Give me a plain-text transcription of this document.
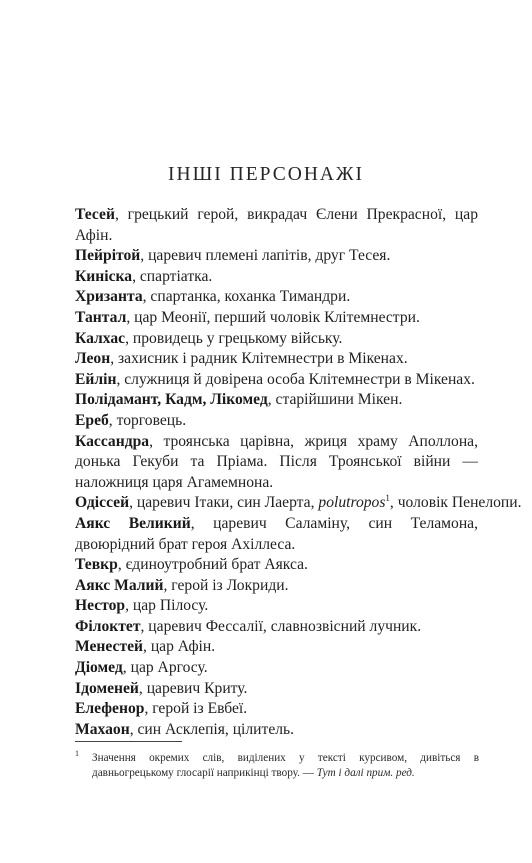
ІНШІ ПЕРСОНАЖІ
Тесей, грецький герой, викрадач Єлени Прекрасної, цар Афін.
Пейрітой, царевич племені лапітів, друг Тесея.
Киніска, спартіатка.
Хризанта, спартанка, коханка Тимандри.
Тантал, цар Меонії, перший чоловік Клітемнестри.
Калхас, провидець у грецькому війську.
Леон, захисник і радник Клітемнестри в Мікенах.
Ейлін, служниця й довірена особа Клітемнестри в Мікенах.
Полідамант, Кадм, Лікомед, старійшини Мікен.
Ереб, торговець.
Кассандра, троянська царівна, жриця храму Аполлона, донька Гекуби та Пріама. Після Троянської війни — наложниця царя Агамемнона.
Одіссей, царевич Ітаки, син Лаерта, polutropos$^1$, чоловік Пенелопи.
Аякс Великий, царевич Саламіну, син Теламона, двоюрідний брат героя Ахіллеса.
Тевкр, єдиноутробний брат Аякса.
Аякс Малий, герой із Локриди.
Нестор, цар Пілосу.
Філоктет, царевич Фессалії, славнозвісний лучник.
Менестей, цар Афін.
Діомед, цар Аргосу.
Ідоменей, царевич Криту.
Елефенор, герой із Евбеї.
Махаон, син Асклепія, цілитель.

1	Значення окремих слів, виділених у тексті курсивом, дивіться в давньогрецькому глосарії наприкінці твору. — Тут і далі прим. ред.
